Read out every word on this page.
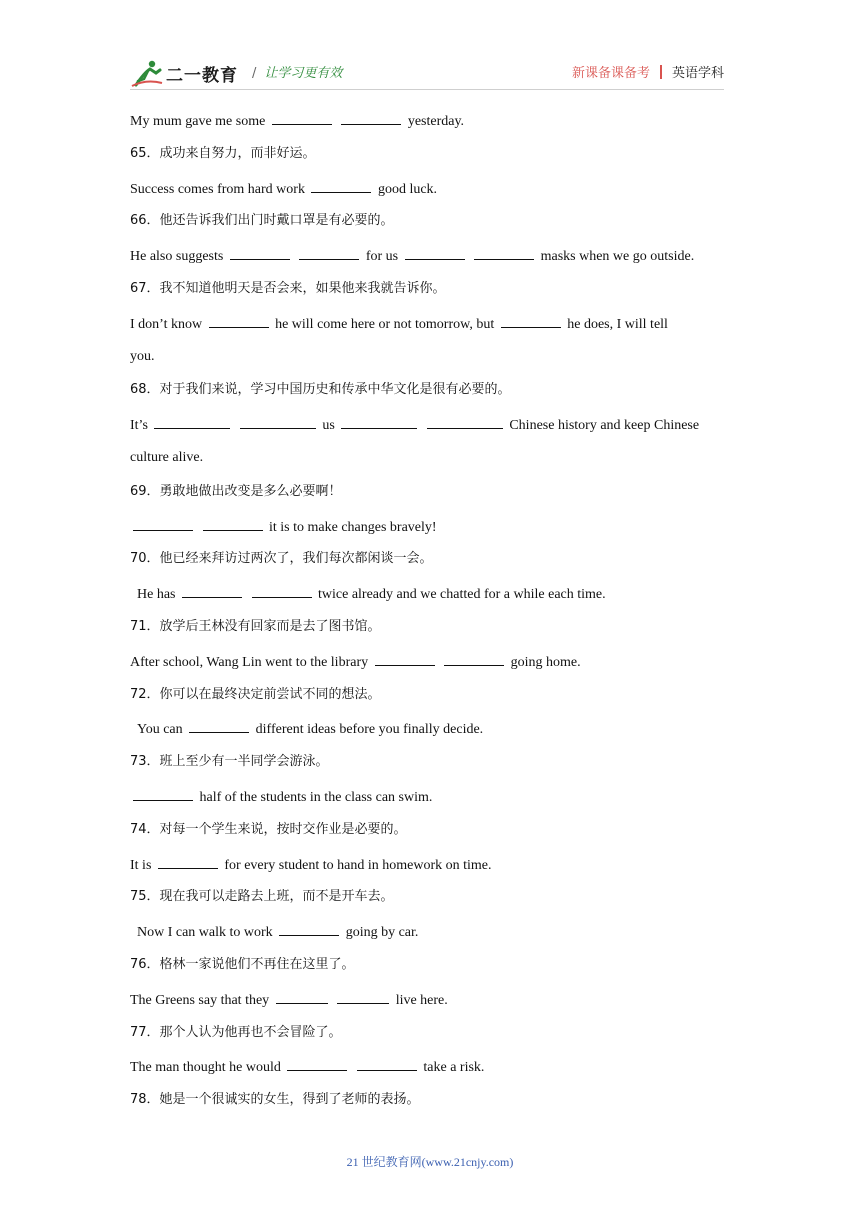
二一教育 / 让学习更有效	新课备课备考 英语学科
My mum gave me some	yesterday.
65．成功来自努力，而非好运。
Success comes from hard work	good luck.
66．他还告诉我们出门时戴口罩是有必要的。
He also suggests	for us	masks when we go outside.
67．我不知道他明天是否会来，如果他来我就告诉你。
I don’t know	he will come here or not tomorrow, but	he does, I will tell
you.
68．对于我们来说，学习中国历史和传承中华文化是很有必要的。
It’s	us	Chinese history and keep Chinese
culture alive.
69．勇敢地做出改变是多么必要啊！
it is to make changes bravely!
70．他已经来拜访过两次了，我们每次都闲谈一会。
He has	twice already and we chatted for a while each time.
71．放学后王林没有回家而是去了图书馆。
After school, Wang Lin went to the library	going home.
72．你可以在最终决定前尝试不同的想法。
You can	different ideas before you finally decide.
73．班上至少有一半同学会游泳。
half of the students in the class can swim.
74．对每一个学生来说，按时交作业是必要的。
It is	for every student to hand in homework on time.
75．现在我可以走路去上班，而不是开车去。
Now I can walk to work	going by car.
76．格林一家说他们不再住在这里了。
The Greens say that they	live here.
77．那个人认为他再也不会冒险了。
The man thought he would	take a risk.
78．她是一个很诚实的女生，得到了老师的表扬。
21 世纪教育网(www.21cnjy.com)
